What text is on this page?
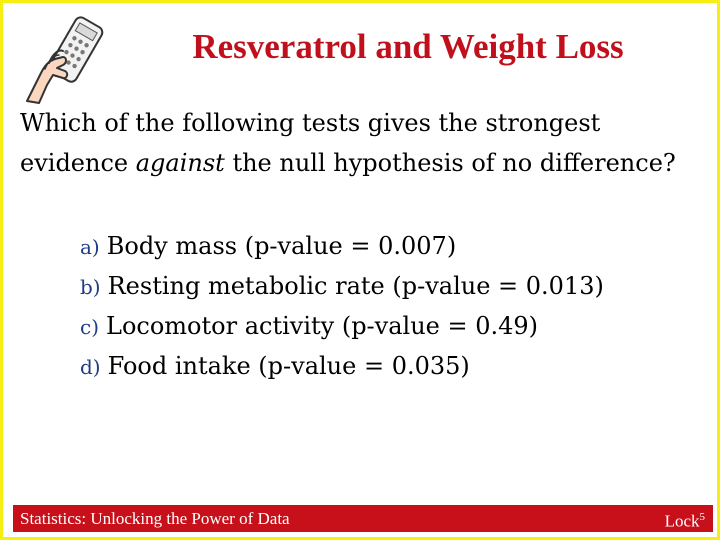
Resveratrol and Weight Loss
Which of the following tests gives the strongest evidence against the null hypothesis of no difference?
a) Body mass (p-value = 0.007)
b) Resting metabolic rate (p-value = 0.013)
c) Locomotor activity (p-value = 0.49)
d) Food intake (p-value = 0.035)
Statistics: Unlocking the Power of Data	Lock$^5$
